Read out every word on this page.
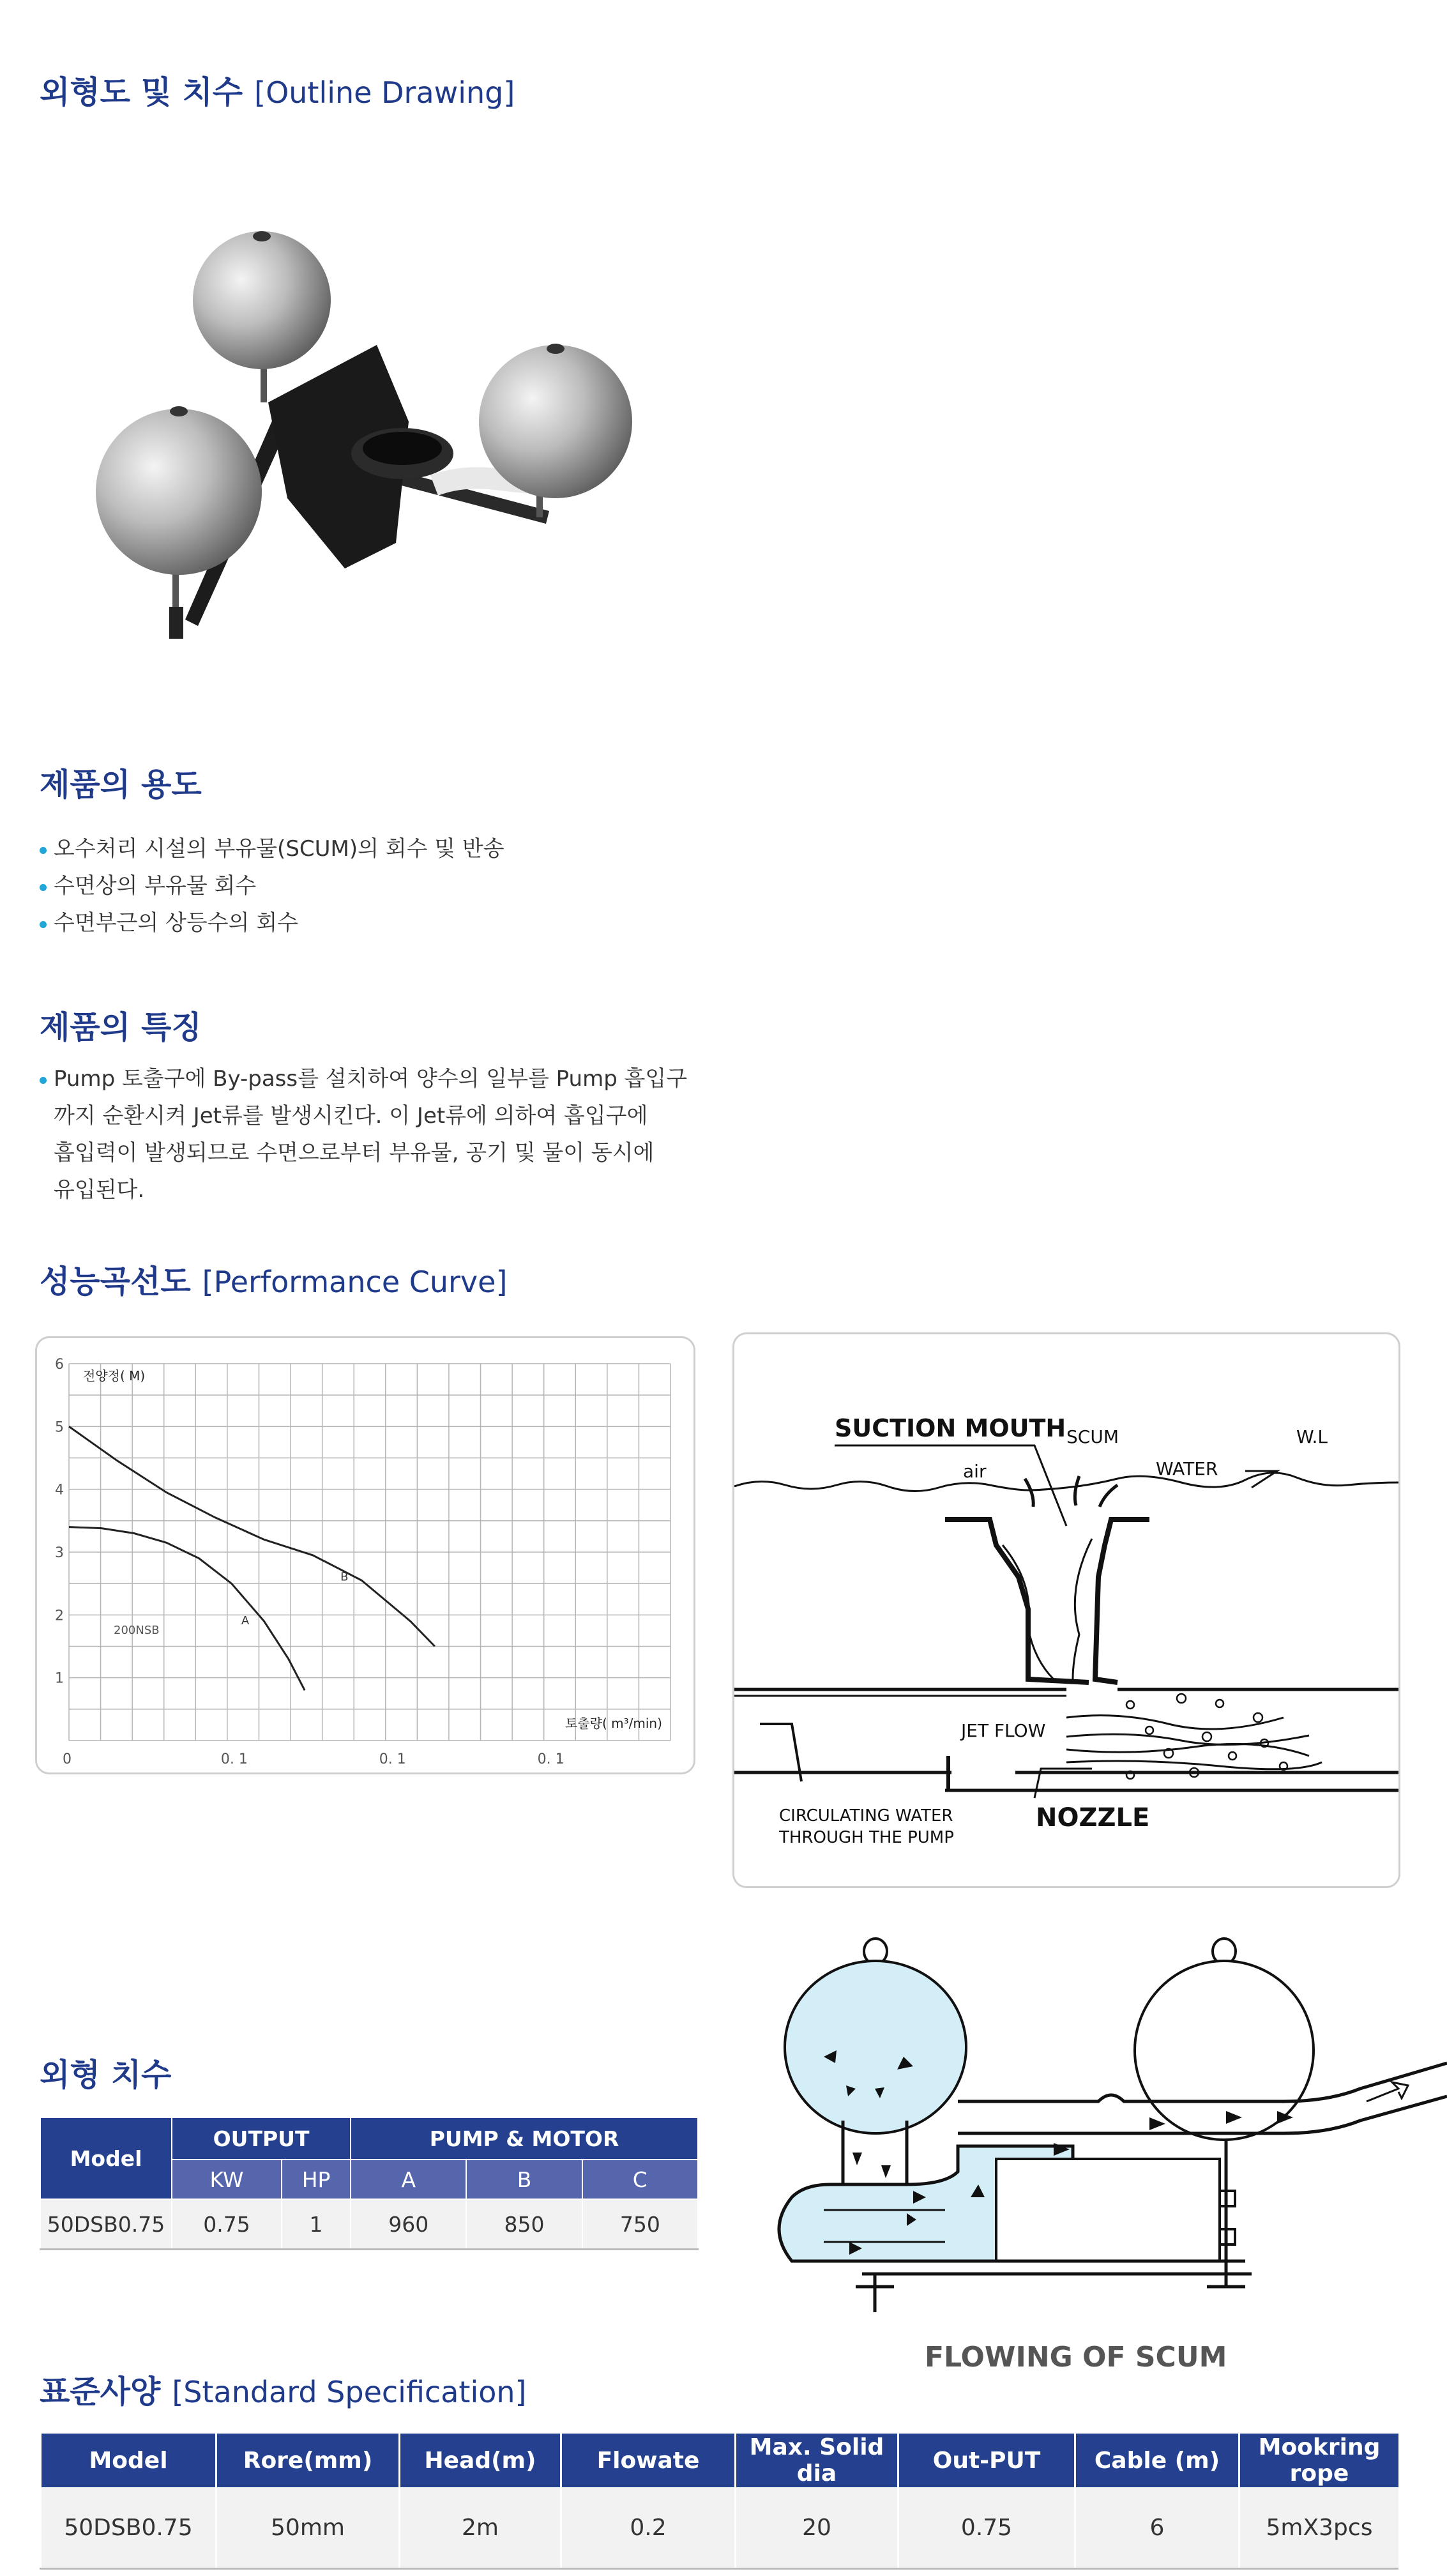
외형도 및 치수 [Outline Drawing]
제품의 용도
오수처리 시설의 부유물(SCUM)의 회수 및 반송
수면상의 부유물 회수
수면부근의 상등수의 회수
제품의 특징

Pump 토출구에 By-pass를 설치하여 양수의 일부를 Pump 흡입구

까지 순환시켜 Jet류를 발생시킨다. 이 Jet류에 의하여 흡입구에

흡입력이 발생되므로 수면으로부터 부유물, 공기 및 물이 동시에

유입된다.

성능곡선도 [Performance Curve]
6
5
4
3
2
1
0	0. 1	0. 1	0. 1
전양정( M)
토출량( m³/min)
200NSB
A
B
SUCTION MOUTH SCUM
WATER
W.L
air
JET FLOW
CIRCULATING WATER
THROUGH THE PUMP
NOZZLE
외형 치수
Model	OUTPUT		PUMP & MOTOR		
	KW	HP	A	B	C
50DSB0.75	0.75	1	960	850	750
FLOWING OF SCUM
표준사양 [Standard Specification]
Model	Rore(mm)	Head(m)	Flowate	Max. Solid dia	Out-PUT	Cable (m)	Mookring rope
50DSB0.75	50mm	2m	0.2	20	0.75	6	5mX3pcs
